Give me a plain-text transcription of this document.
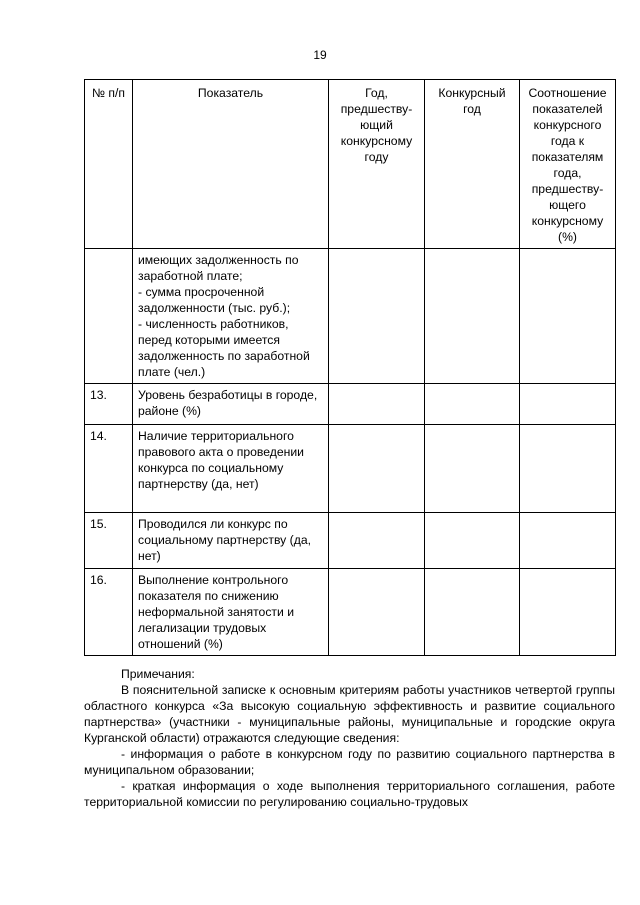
19
№ п/п	Показатель	Год, предшеству-ющий конкурсному году	Конкурсный год	Соотношение показателей конкурсного года к показателям года, предшеству-ющего конкурсному (%)
	имеющих задолженность по заработной плате;
- сумма просроченной задолженности (тыс. руб.);
- численность работников, перед которыми имеется задолженность по заработной плате (чел.)			
13.	Уровень безработицы в городе, районе (%)			
14.	Наличие территориального правового акта о проведении конкурса по социальному партнерству (да, нет)			
15.	Проводился ли конкурс по социальному партнерству (да, нет)			
16.	Выполнение контрольного показателя по снижению неформальной занятости и легализации трудовых отношений (%)			

Примечания:

В пояснительной записке к основным критериям работы участников четвертой группы областного конкурса «За высокую социальную эффективность и развитие социального партнерства» (участники - муниципальные районы, муниципальные и городские округа Курганской области) отражаются следующие сведения:

- информация о работе в конкурсном году по развитию социального партнерства в муниципальном образовании;

- краткая информация о ходе выполнения территориального соглашения, работе территориальной комиссии по регулированию социально-трудовых
